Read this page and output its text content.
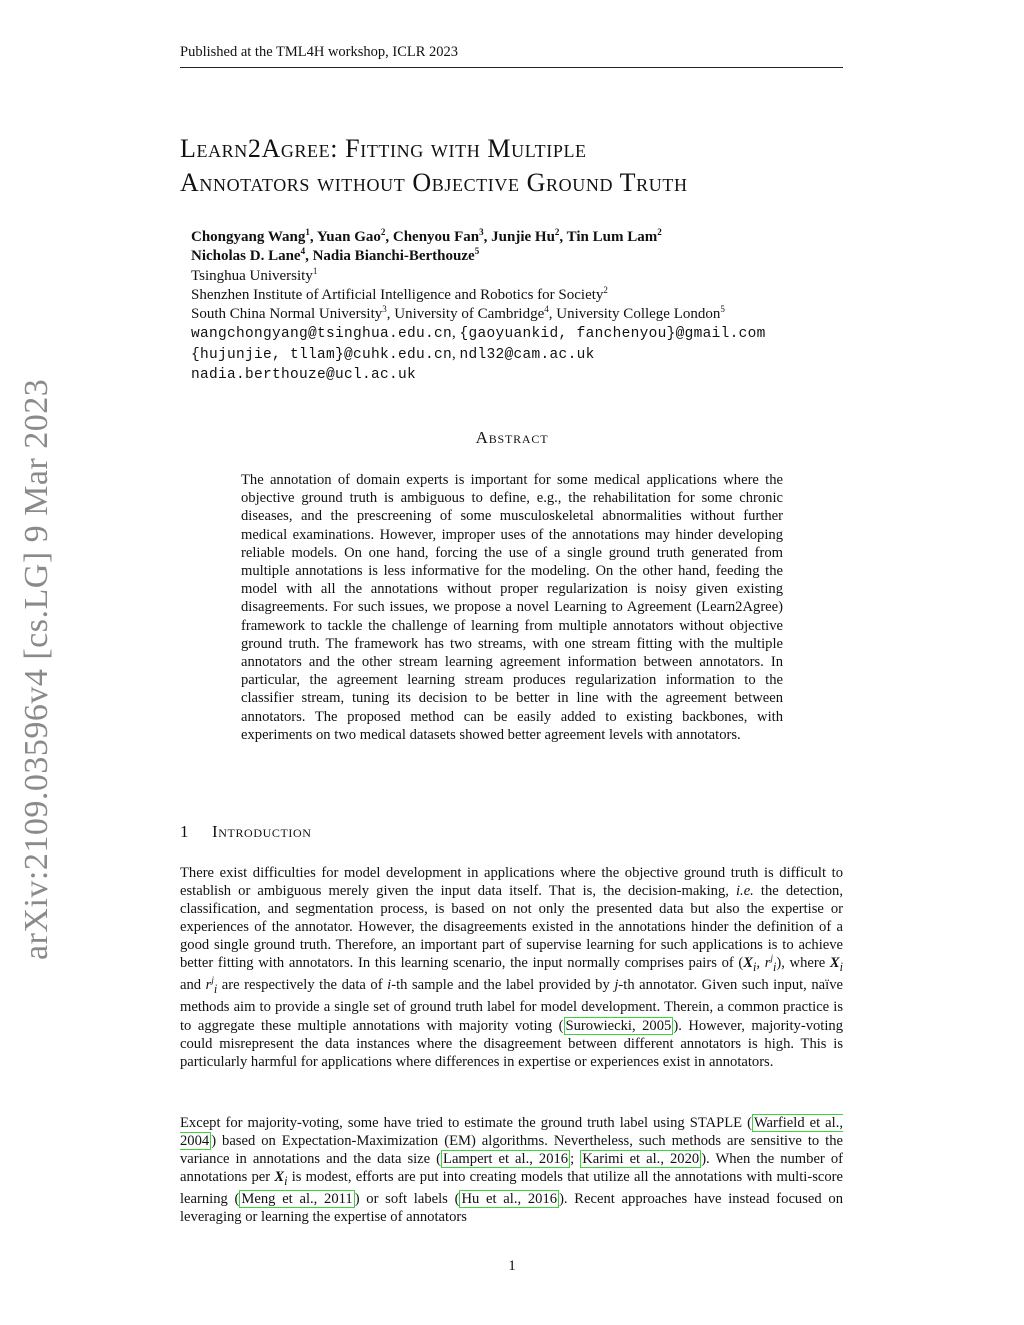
Published at the TML4H workshop, ICLR 2023
arXiv:2109.03596v4 [cs.LG] 9 Mar 2023
Learn2Agree: Fitting with Multiple
Annotators without Objective Ground Truth
Chongyang Wang$^1$, Yuan Gao$^2$, Chenyou Fan$^3$, Junjie Hu$^2$, Tin Lum Lam$^2$
Nicholas D. Lane$^4$, Nadia Bianchi-Berthouze$^5$
Tsinghua University$^1$
Shenzhen Institute of Artificial Intelligence and Robotics for Society$^2$
South China Normal University$^3$, University of Cambridge$^4$, University College London$^5$
wangchongyang@tsinghua.edu.cn, {gaoyuankid, fanchenyou}@gmail.com
{hujunjie, tllam}@cuhk.edu.cn, ndl32@cam.ac.uk
nadia.berthouze@ucl.ac.uk
Abstract

The annotation of domain experts is important for some medical applications where the objective ground truth is ambiguous to define, e.g., the rehabilitation for some chronic diseases, and the prescreening of some musculoskeletal abnormalities without further medical examinations. However, improper uses of the annotations may hinder developing reliable models. On one hand, forcing the use of a single ground truth generated from multiple annotations is less informative for the modeling. On the other hand, feeding the model with all the annotations without proper regularization is noisy given existing disagreements. For such issues, we propose a novel Learning to Agreement (Learn2Agree) framework to tackle the challenge of learning from multiple annotators without objective ground truth. The framework has two streams, with one stream fitting with the multiple annotators and the other stream learning agreement information between annotators. In particular, the agreement learning stream produces regularization information to the classifier stream, tuning its decision to be better in line with the agreement between annotators. The proposed method can be easily added to existing backbones, with experiments on two medical datasets showed better agreement levels with annotators.

1 Introduction

There exist difficulties for model development in applications where the objective ground truth is difficult to establish or ambiguous merely given the input data itself. That is, the decision-making, i.e. the detection, classification, and segmentation process, is based on not only the presented data but also the expertise or experiences of the annotator. However, the disagreements existed in the annotations hinder the definition of a good single ground truth. Therefore, an important part of supervise learning for such applications is to achieve better fitting with annotators. In this learning scenario, the input normally comprises pairs of ($X_i$, $r^j_i$), where $X_i$ and $r^j_i$ are respectively the data of i-th sample and the label provided by j-th annotator. Given such input, naïve methods aim to provide a single set of ground truth label for model development. Therein, a common practice is to aggregate these multiple annotations with majority voting ( Surowiecki, 2005 ). However, majority-voting could misrepresent the data instances where the disagreement between different annotators is high. This is particularly harmful for applications where differences in expertise or experiences exist in annotators.

Except for majority-voting, some have tried to estimate the ground truth label using STAPLE ( Warfield et al., 2004 ) based on Expectation-Maximization (EM) algorithms. Nevertheless, such methods are sensitive to the variance in annotations and the data size ( Lampert et al., 2016 ; Karimi et al., 2020 ). When the number of annotations per $X_i$ is modest, efforts are put into creating models that utilize all the annotations with multi-score learning ( Meng et al., 2011 ) or soft labels ( Hu et al., 2016 ). Recent approaches have instead focused on leveraging or learning the expertise of annotators

1
